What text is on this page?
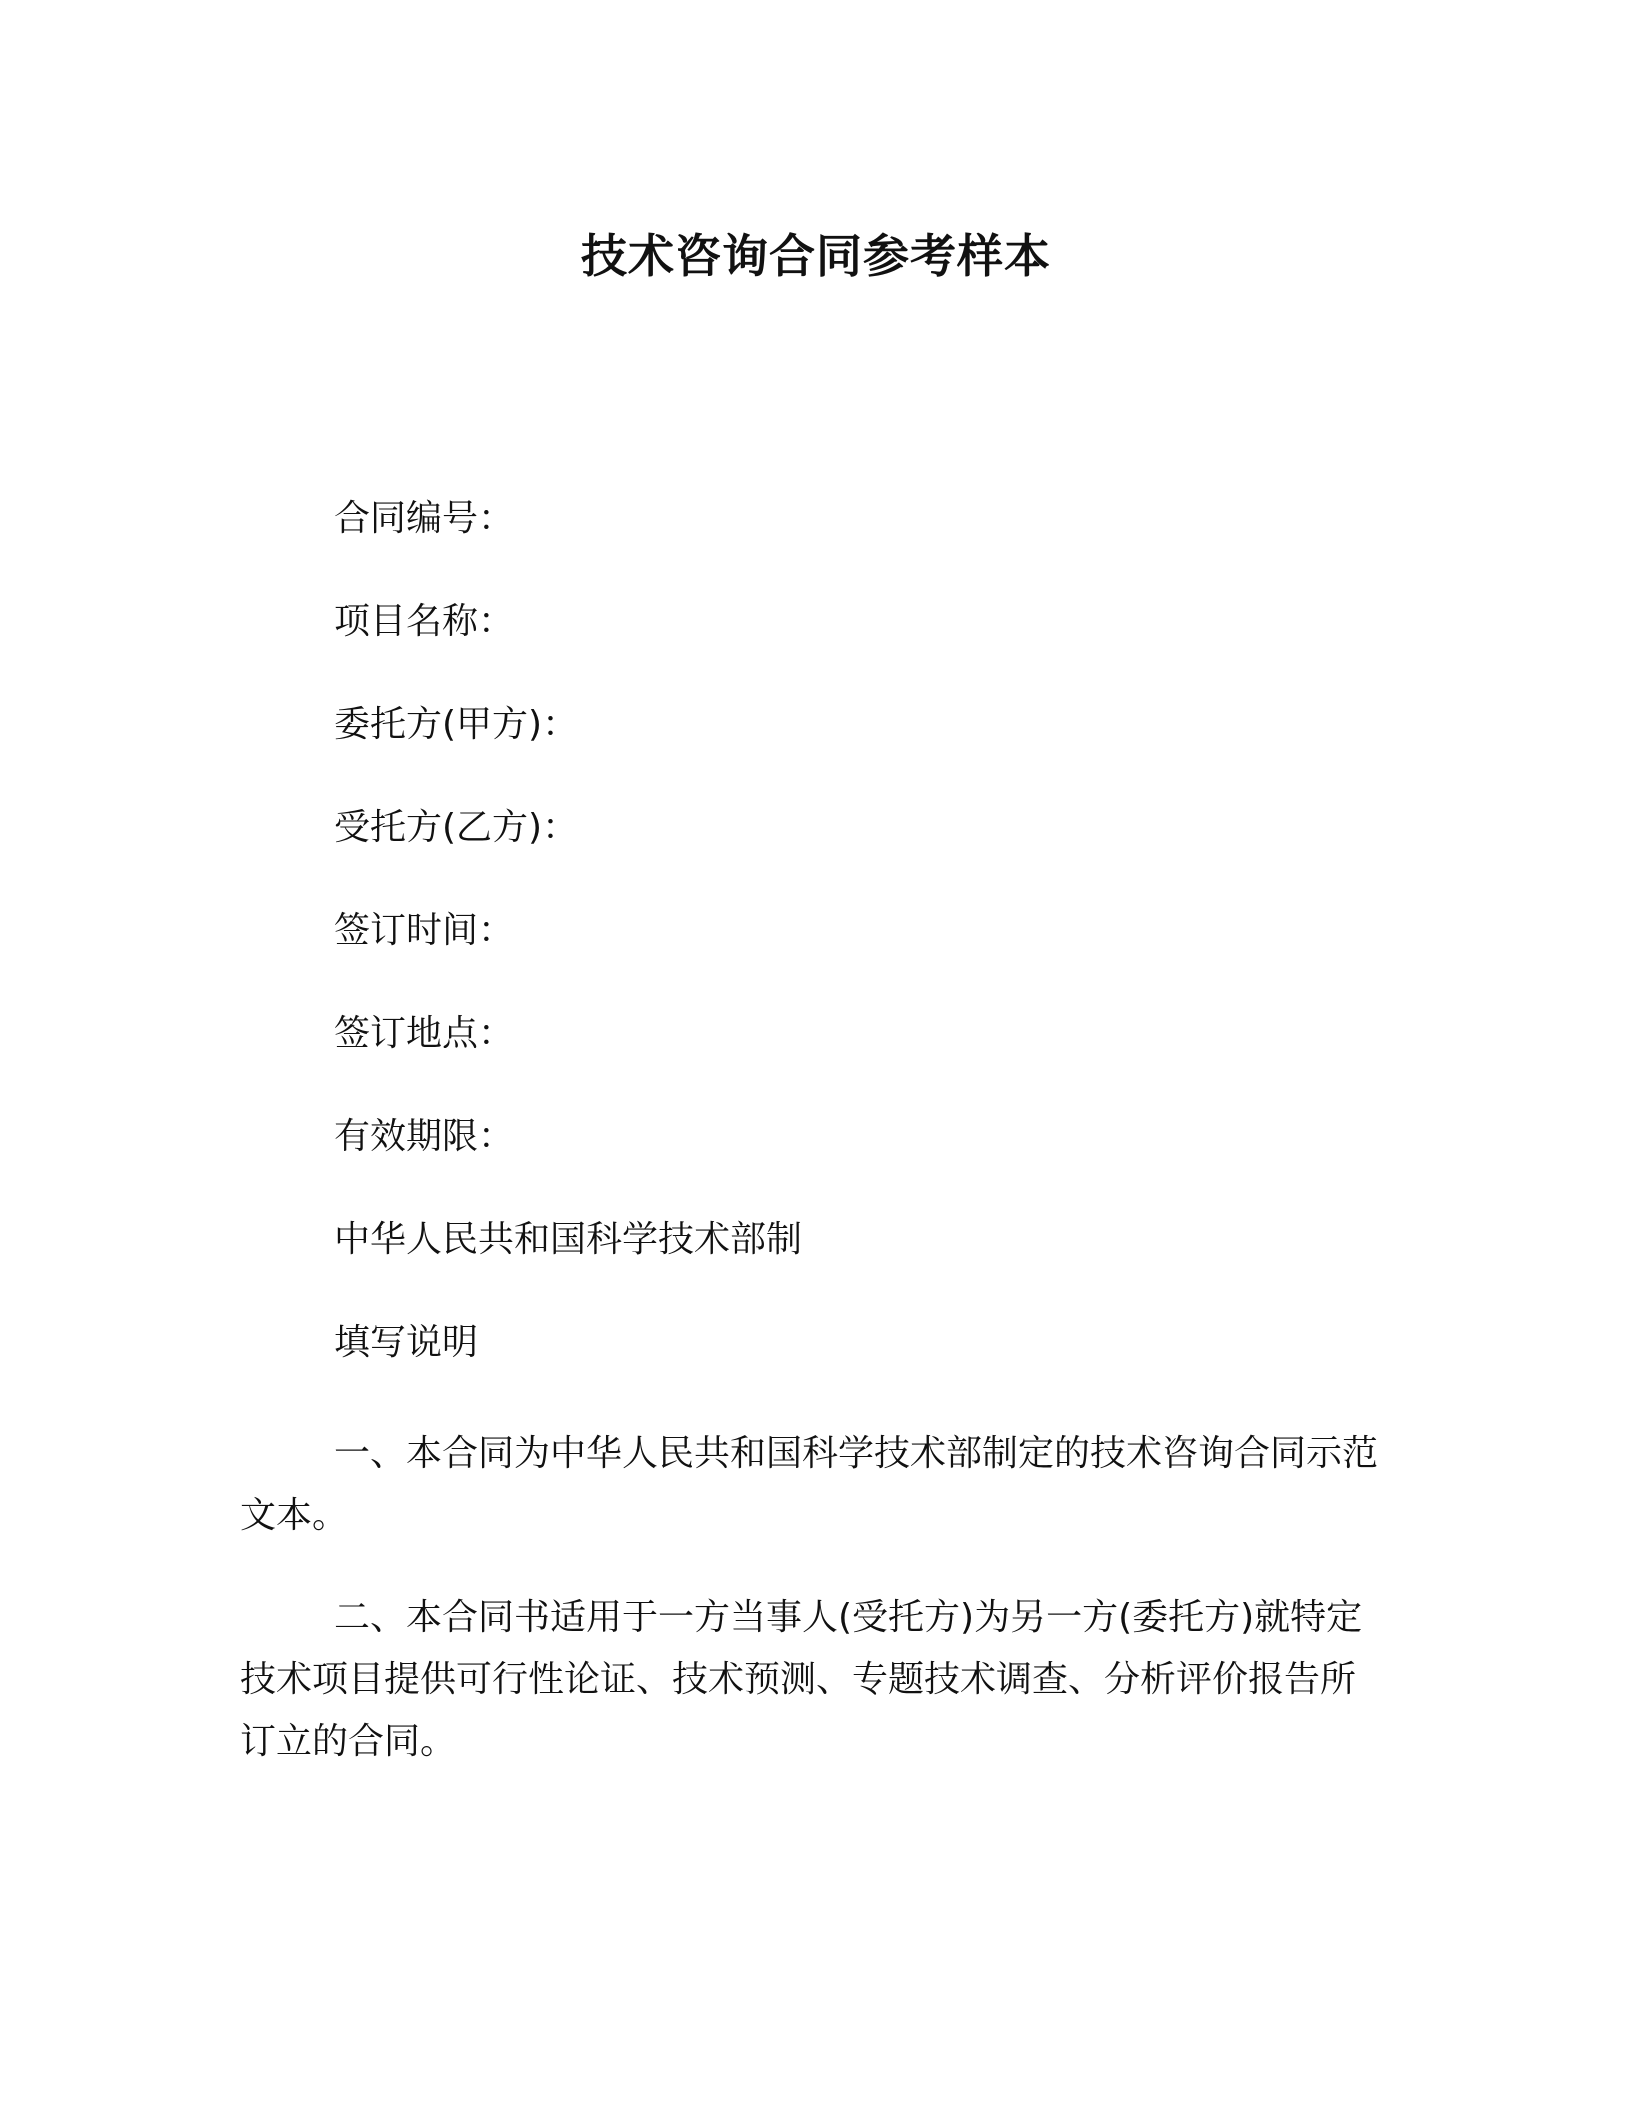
技术咨询合同参考样本
合同编号：
项目名称：
委托方(甲方)：
受托方(乙方)：
签订时间：
签订地点：
有效期限：
中华人民共和国科学技术部制
填写说明

一、本合同为中华人民共和国科学技术部制定的技术咨询合同示范文本。

二、本合同书适用于一方当事人(受托方)为另一方(委托方)就特定技术项目提供可行性论证、技术预测、专题技术调查、分析评价报告所订立的合同。
